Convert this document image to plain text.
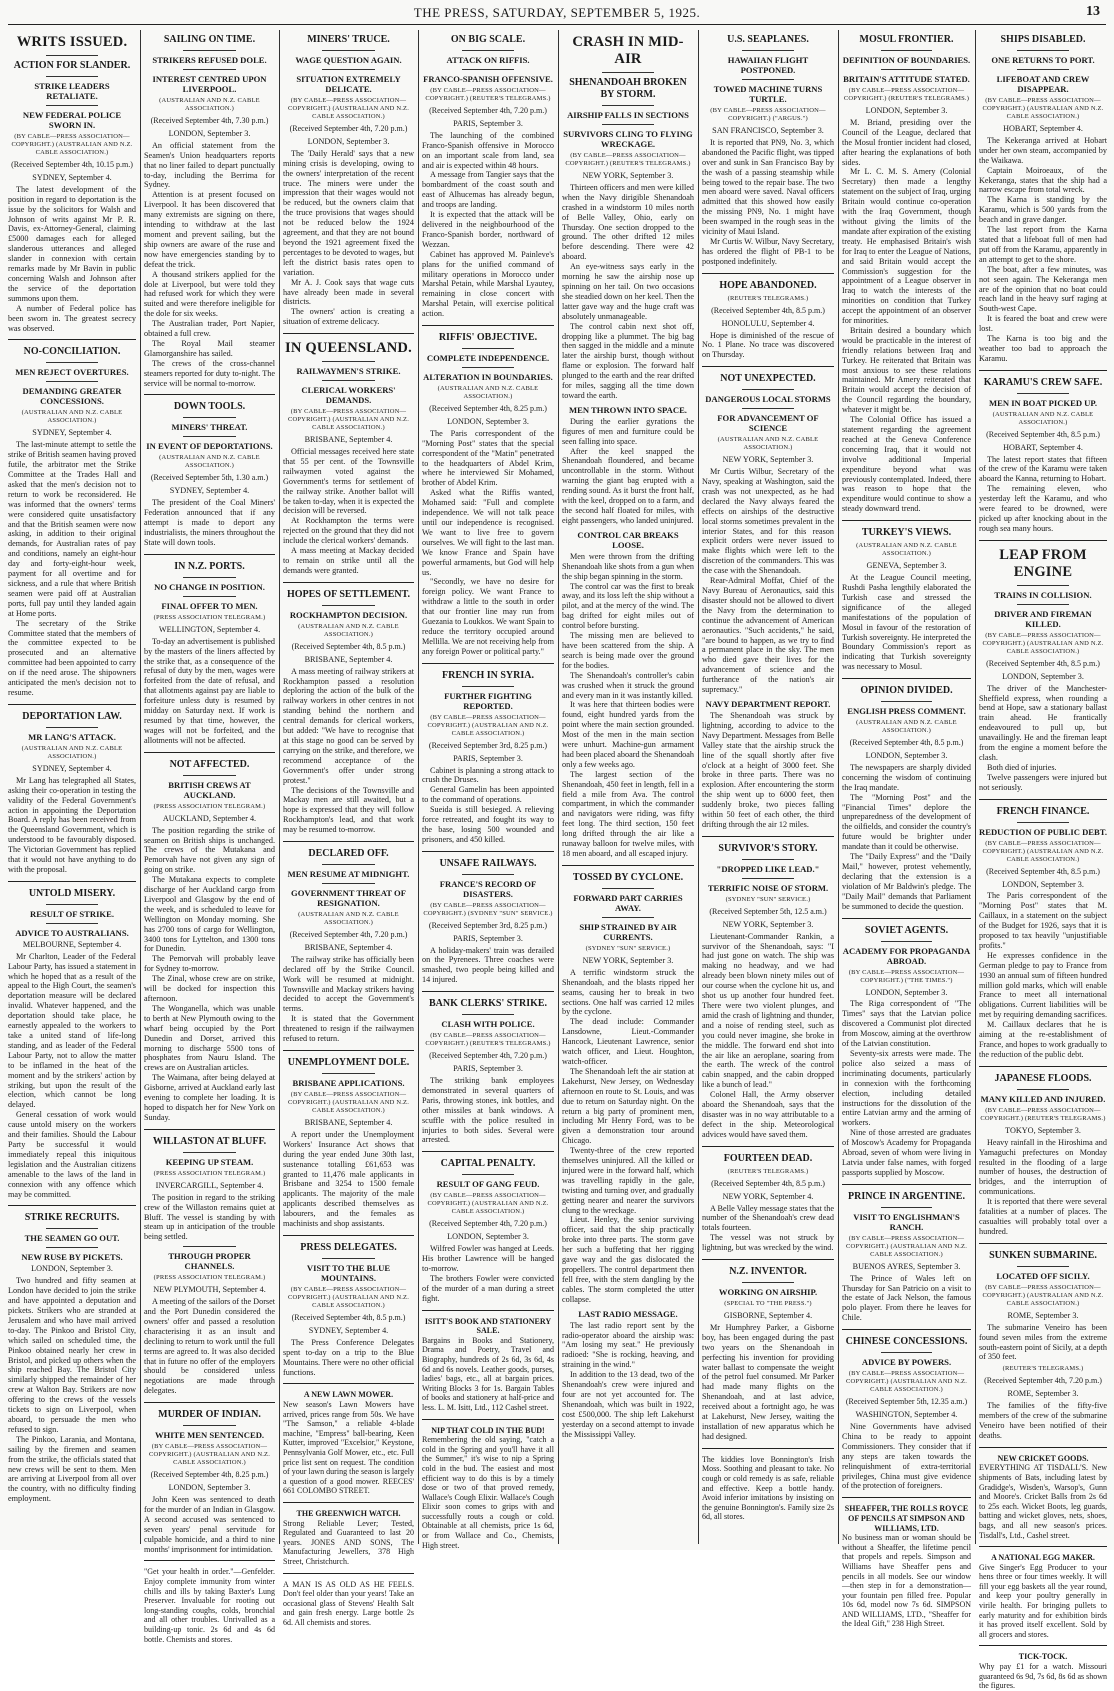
THE PRESS, SATURDAY, SEPTEMBER 5, 1925.	13
WRITS ISSUED.
ACTION FOR SLANDER.
STRIKE LEADERS RETALIATE.
NEW FEDERAL POLICE SWORN IN.
(BY CABLE—PRESS ASSOCIATION—COPYRIGHT.) (AUSTRALIAN AND N.Z. CABLE ASSOCIATION.)
(Received September 4th, 10.15 p.m.)
SYDNEY, September 4.
The latest development of the position in regard to deportation is the issue by the solicitors for Walsh and Johnson of writs against Mr P. R. Davis, ex-Attorney-General, claiming £5000 damages each for alleged slanderous utterances and alleged slander in connexion with certain remarks made by Mr Bavin in public concerning Walsh and Johnson after the service of the deportation summons upon them.
A number of Federal police has been sworn in. The greatest secrecy was observed.
NO-CONCILIATION.
MEN REJECT OVERTURES.
DEMANDING GREATER CONCESSIONS.
(AUSTRALIAN AND N.Z. CABLE ASSOCIATION.)
SYDNEY, September 4.
The last-minute attempt to settle the strike of British seamen having proved futile, the arbitrator met the Strike Committee at the Trades Hall and asked that the men's decision not to return to work be reconsidered. He was informed that the owners' terms were considered quite unsatisfactory and that the British seamen were now asking, in addition to their original demands, for Australian rates of pay and conditions, namely an eight-hour day and forty-eight-hour week, payment for all overtime and for sickness, and a rule that where British seamen were paid off at Australian ports, full pay until they landed again at Home ports.
The secretary of the Strike Committee stated that the members of the committee expected to be prosecuted and an alternative committee had been appointed to carry on if the need arose. The shipowners anticipated the men's decision not to resume.
DEPORTATION LAW.
MR LANG'S ATTACK.
(AUSTRALIAN AND N.Z. CABLE ASSOCIATION.)
SYDNEY, September 4.
Mr Lang has telegraphed all States, asking their co-operation in testing the validity of the Federal Government's action in appointing the Deportation Board. A reply has been received from the Queensland Government, which is understood to be favourably disposed. The Victorian Government has replied that it would not have anything to do with the proposal.
UNTOLD MISERY.
RESULT OF STRIKE.
ADVICE TO AUSTRALIANS.
MELBOURNE, September 4.
Mr Charlton, Leader of the Federal Labour Party, has issued a statement in which he hoped that as a result of the appeal to the High Court, the seamen's deportation measure will be declared invalid. Whatever happened, and the deportation should take place, he earnestly appealed to the workers to take a united stand of life-long standing, and as leader of the Federal Labour Party, not to allow the matter to be inflamed in the heat of the moment and by the strikers' action by striking, but upon the result of the election, which cannot be long delayed.
General cessation of work would cause untold misery on the workers and their families. Should the Labour Party be successful it would immediately repeal this iniquitous legislation and the Australian citizens amenable to the laws of the land in connexion with any offence which may be committed.
STRIKE RECRUITS.
THE SEAMEN GO OUT.
NEW RUSE BY PICKETS.
LONDON, September 3.
Two hundred and fifty seamen at London have decided to join the strike and have appointed a deputation and pickets. Strikers who are stranded at Jerusalem and who have mail arrived to-day. The Pinkoo and Bristol City, which sailed on scheduled time, the Pinkoo obtained nearly her crew in Bristol, and picked up others when the ship reached Bay. The Bristol City similarly shipped the remainder of her crew at Walton Bay. Strikers are now offering to the crews of the vessels tickets to sign on Liverpool, when aboard, to persuade the men who refused to sign.
The Pinkoo, Larania, and Montana, sailing by the firemen and seamen from the strike, the officials stated that new crews will be sent to them. Men are arriving at Liverpool from all over the country, with no difficulty finding employment.
SAILING ON TIME.
STRIKERS REFUSED DOLE.
INTEREST CENTRED UPON LIVERPOOL.
(AUSTRALIAN AND N.Z. CABLE ASSOCIATION.)
(Received September 4th, 7.30 p.m.)
LONDON, September 3.
An official statement from the Seamen's Union headquarters reports that no liner failed to depart punctually to-day, including the Berrima for Sydney.
Attention is at present focused on Liverpool. It has been discovered that many extremists are signing on there, intending to withdraw at the last moment and prevent sailing, but the ship owners are aware of the ruse and now have emergencies standing by to defeat the trick.
A thousand strikers applied for the dole at Liverpool, but were told they had refused work for which they were suited and were therefore ineligible for the dole for six weeks.
The Australian trader, Port Napier, obtained a full crew.
The Royal Mail steamer Glamorganshire has sailed.
The crews of the cross-channel steamers reported for duty to-night. The service will be normal to-morrow.
DOWN TOOLS.
MINERS' THREAT.
IN EVENT OF DEPORTATIONS.
(AUSTRALIAN AND N.Z. CABLE ASSOCIATION.)
(Received September 5th, 1.30 a.m.)
SYDNEY, September 4.
The president of the Coal Miners' Federation announced that if any attempt is made to deport any industrialists, the miners throughout the State will down tools.
IN N.Z. PORTS.
NO CHANGE IN POSITION.
FINAL OFFER TO MEN.
(PRESS ASSOCIATION TELEGRAM.)
WELLINGTON, September 4.
To-day an advertisement is published by the masters of the liners affected by the strike that, as a consequence of the refusal of duty by the men, wages were forfeited from the date of refusal, and that allotments against pay are liable to forfeiture unless duty is resumed by midday on Saturday next. If work is resumed by that time, however, the wages will not be forfeited, and the allotments will not be affected.
NOT AFFECTED.
BRITISH CREWS AT AUCKLAND.
(PRESS ASSOCIATION TELEGRAM.)
AUCKLAND, September 4.
The position regarding the strike of seamen on British ships is unchanged. The crews of the Mutakana and Pemorvah have not given any sign of going on strike.
The Mutakana expects to complete discharge of her Auckland cargo from Liverpool and Glasgow by the end of the week, and is scheduled to leave for Wellington on Monday morning. She has 2700 tons of cargo for Wellington, 3400 tons for Lyttelton, and 1300 tons for Dunedin.
The Pemorvah will probably leave for Sydney to-morrow.
The Zinal, whose crew are on strike, will be docked for inspection this afternoon.
The Wonganella, which was unable to berth at New Plymouth owing to the wharf being occupied by the Port Dunedin and Dorset, arrived this morning to discharge 5500 tons of phosphates from Nauru Island. The crews are on Australian articles.
The Waimana, after being delayed at Gisborne, arrived at Auckland early last evening to complete her loading. It is hoped to dispatch her for New York on Sunday.
WILLASTON AT BLUFF.
KEEPING UP STEAM.
(PRESS ASSOCIATION TELEGRAM.)
INVERCARGILL, September 4.
The position in regard to the striking crew of the Willaston remains quiet at Bluff. The vessel is standing by with steam up in anticipation of the trouble being settled.
THROUGH PROPER CHANNELS.
(PRESS ASSOCIATION TELEGRAM.)
NEW PLYMOUTH, September 4.
A meeting of the sailors of the Dorset and the Port Dunedin considered the owners' offer and passed a resolution characterising it as an insult and declining to return to work until the full terms are agreed to. It was also decided that in future no offer of the employers should be considered unless negotiations are made through delegates.
MURDER OF INDIAN.
WHITE MEN SENTENCED.
(BY CABLE—PRESS ASSOCIATION—COPYRIGHT.) (AUSTRALIAN AND N.Z. CABLE ASSOCIATION.)
(Received September 4th, 8.25 p.m.)
LONDON, September 3.
John Keen was sentenced to death for the murder of an Indian in Glasgow. A second accused was sentenced to seven years' penal servitude for culpable homicide, and a third to nine months' imprisonment for intimidation.
"Get your health in order."—Genfelder. Enjoy complete immunity from winter chills and ills by taking Baxter's Lung Preserver. Invaluable for rooting out long-standing coughs, colds, bronchial and all other troubles. Unrivalled as a building-up tonic. 2s 6d and 4s 6d bottle. Chemists and stores.
MINERS' TRUCE.
WAGE QUESTION AGAIN.
SITUATION EXTREMELY DELICATE.
(BY CABLE—PRESS ASSOCIATION—COPYRIGHT.) (AUSTRALIAN AND N.Z. CABLE ASSOCIATION.)
(Received September 4th, 7.20 p.m.)
LONDON, September 3.
The 'Daily Herald' says that a new mining crisis is developing, owing to the owners' interpretation of the recent truce. The miners were under the impression that their wages would not be reduced, but the owners claim that the truce provisions that wages should not be reduced below the 1924 agreement, and that they are not bound beyond the 1921 agreement fixed the percentages to be devoted to wages, but left the district basis rates open to variation.
Mr A. J. Cook says that wage cuts have already been made in several districts.
The owners' action is creating a situation of extreme delicacy.
IN QUEENSLAND.
RAILWAYMEN'S STRIKE.
CLERICAL WORKERS' DEMANDS.
(BY CABLE—PRESS ASSOCIATION—COPYRIGHT.) (AUSTRALIAN AND N.Z. CABLE ASSOCIATION.)
BRISBANE, September 4.
Official messages received here state that 55 per cent. of the Townsville railwaymen voted against the Government's terms for settlement of the railway strike. Another ballot will be taken to-day, when it is expected the decision will be reversed.
At Rockhampton the terms were rejected on the ground that they did not include the clerical workers' demands.
A mass meeting at Mackay decided to remain on strike until all the demands were granted.
HOPES OF SETTLEMENT.
ROCKHAMPTON DECISION.
(AUSTRALIAN AND N.Z. CABLE ASSOCIATION.)
(Received September 4th, 8.5 p.m.)
BRISBANE, September 4.
A mass meeting of railway strikers at Rockhampton passed a resolution deploring the action of the bulk of the railway workers in other centres in not standing behind the northern and central demands for clerical workers, but added: "We have to recognise that at this stage no good can be served by carrying on the strike, and therefore, we recommend acceptance of the Government's offer under strong protest."
The decisions of the Townsville and Mackay men are still awaited, but a hope is expressed that they will follow Rockhampton's lead, and that work may be resumed to-morrow.
DECLARED OFF.
MEN RESUME AT MIDNIGHT.
GOVERNMENT THREAT OF RESIGNATION.
(AUSTRALIAN AND N.Z. CABLE ASSOCIATION.)
(Received September 4th, 7.20 p.m.)
BRISBANE, September 4.
The railway strike has officially been declared off by the Strike Council. Work will be resumed at midnight. Townsville and Mackay strikers having decided to accept the Government's terms.
It is stated that the Government threatened to resign if the railwaymen refused to return.
UNEMPLOYMENT DOLE.
BRISBANE APPLICATIONS.
(BY CABLE—PRESS ASSOCIATION—COPYRIGHT.) (AUSTRALIAN AND N.Z. CABLE ASSOCIATION.)
BRISBANE, September 4.
A report under the Unemployment Workers' Insurance Act shows that during the year ended June 30th last, sustenance totalling £61,653 was granted to 11,476 male applicants in Brisbane and 3254 to 1500 female applicants. The majority of the male applicants described themselves as labourers, and the females as machinists and shop assistants.
PRESS DELEGATES.
VISIT TO THE BLUE MOUNTAINS.
(BY CABLE—PRESS ASSOCIATION—COPYRIGHT.) (AUSTRALIAN AND N.Z. CABLE ASSOCIATION.)
(Received September 4th, 8.5 p.m.)
SYDNEY, September 4.
The Press Conference Delegates spent to-day on a trip to the Blue Mountains. There were no other official functions.
A NEW LAWN MOWER.
New season's Lawn Mowers have arrived, prices range from 50s. We have "The Samson," a reliable 4-blade machine, "Empress" ball-bearing, Keen Kutter, improved "Excelsior," Keystone, Pennsylvania Golf Mower, etc., etc. Full price list sent on request. The condition of your lawn during the season is largely a question of a good mower. REECES' 661 COLOMBO STREET.
THE GREENWICH WATCH.
Strong Reliable Lever; Tested, Regulated and Guaranteed to last 20 years. JONES AND SONS, The Manufacturing Jewellers, 378 High Street, Christchurch.
A MAN IS AS OLD AS HE FEELS. Don't feel older than your years! Take an occasional glass of Stevens' Health Salt and gain fresh energy. Large bottle 2s 6d. All chemists and stores.
ON BIG SCALE.
ATTACK ON RIFFIS.
FRANCO-SPANISH OFFENSIVE.
(BY CABLE—PRESS ASSOCIATION—COPYRIGHT.) (REUTER'S TELEGRAMS.)
(Received September 4th, 7.20 p.m.)
PARIS, September 3.
The launching of the combined Franco-Spanish offensive in Morocco on an important scale from land, sea and air is expected within 48 hours.
A message from Tangier says that the bombardment of the coast south and east of Alhucemas has already begun, and troops are landing.
It is expected that the attack will be delivered in the neighbourhood of the Franco-Spanish border, northward of Wezzan.
Cabinet has approved M. Painleve's plans for the unified command of military operations in Morocco under Marshal Petain, while Marshal Lyautey, remaining in close concert with Marshal Petain, will exercise political action.
RIFFIS' OBJECTIVE.
COMPLETE INDEPENDENCE.
ALTERATION IN BOUNDARIES.
(AUSTRALIAN AND N.Z. CABLE ASSOCIATION.)
(Received September 4th, 8.25 p.m.)
LONDON, September 3.
The Paris correspondent of the "Morning Post" states that the special correspondent of the "Matin" penetrated to the headquarters of Abdel Krim, where he interviewed Sir Mohamed, brother of Abdel Krim.
Asked what the Riffis wanted, Mohamed said: "Full and complete independence. We will not talk peace until our independence is recognised. We want to live free to govern ourselves. We will fight to the last man. We know France and Spain have powerful armaments, but God will help us.
"Secondly, we have no desire for foreign policy. We want France to withdraw a little to the south in order that our frontier line may run from Guezania to Loukkos. We want Spain to reduce the territory occupied around Mellilla. We are not receiving help from any foreign Power or political party."
FRENCH IN SYRIA.
FURTHER FIGHTING REPORTED.
(BY CABLE—PRESS ASSOCIATION—COPYRIGHT.) (AUSTRALIAN AND N.Z. CABLE ASSOCIATION.)
(Received September 3rd, 8.25 p.m.)
PARIS, September 3.
Cabinet is planning a strong attack to crush the Druses.
General Gamelin has been appointed to the command of operations.
Sueida is still besieged. A relieving force retreated, and fought its way to the base, losing 500 wounded and prisoners, and 450 killed.
UNSAFE RAILWAYS.
FRANCE'S RECORD OF DISASTERS.
(BY CABLE—PRESS ASSOCIATION—COPYRIGHT.) (SYDNEY "SUN" SERVICE.)
(Received September 3rd, 8.25 p.m.)
PARIS, September 3.
A holiday-makers' train was derailed on the Pyrenees. Three coaches were smashed, two people being killed and 14 injured.
BANK CLERKS' STRIKE.
CLASH WITH POLICE.
(BY CABLE—PRESS ASSOCIATION—COPYRIGHT.) (REUTER'S TELEGRAMS.)
(Received September 4th, 7.20 p.m.)
PARIS, September 3.
The striking bank employees demonstrated in several quarters of Paris, throwing stones, ink bottles, and other missiles at bank windows. A scuffle with the police resulted in injuries to both sides. Several were arrested.
CAPITAL PENALTY.
RESULT OF GANG FEUD.
(BY CABLE—PRESS ASSOCIATION—COPYRIGHT.) (AUSTRALIAN AND N.Z. CABLE ASSOCIATION.)
(Received September 4th, 7.20 p.m.)
LONDON, September 3.
Wilfred Fowler was hanged at Leeds. His brother Lawrence will be hanged to-morrow.
The brothers Fowler were convicted of the murder of a man during a street fight.
ISITT'S BOOK AND STATIONERY SALE.
Bargains in Books and Stationery, Drama and Poetry, Travel and Biography, hundreds of 2s 6d, 3s 6d, 4s 6d and 6s novels. Leather goods, purses, ladies' bags, etc., all at bargain prices. Writing Blocks 3 for 1s. Bargain Tables of books and stationery at half-price and less. L. M. Isitt, Ltd., 112 Cashel street.
NIP THAT COLD IN THE BUD!
Remembering the old saying, "catch a cold in the Spring and you'll have it all the Summer," it's wise to nip a Spring cold in the bud. The easiest and most efficient way to do this is by a timely dose or two of that proved remedy, Wallace's Cough Elixir. Wallace's Cough Elixir soon comes to grips with and successfully routs a cough or cold. Obtainable at all chemists, price 1s 6d, or from Wallace and Co., Chemists, High street.
CRASH IN MID-AIR
SHENANDOAH BROKEN BY STORM.
AIRSHIP FALLS IN SECTIONS
SURVIVORS CLING TO FLYING WRECKAGE.
(BY CABLE—PRESS ASSOCIATION—COPYRIGHT.) (REUTER'S TELEGRAMS.)
NEW YORK, September 3.
Thirteen officers and men were killed when the Navy dirigible Shenandoah crashed in a windstorm 10 miles north of Belle Valley, Ohio, early on Thursday. One section dropped to the ground. The other drifted 12 miles before descending. There were 42 aboard.
An eye-witness says early in the morning he saw the airship nose up spinning on her tail. On two occasions she steadied down on her keel. Then the latter gave way and the huge craft was absolutely unmanageable.
The control cabin next shot off, dropping like a plummet. The big bag then sagged in the middle and a minute later the airship burst, though without flame or explosion. The forward half plunged to the earth and the rear drifted for miles, sagging all the time down toward the earth.
MEN THROWN INTO SPACE.
During the earlier gyrations the figures of men and furniture could be seen falling into space.
After the keel snapped the Shenandoah floundered, and became uncontrollable in the storm. Without warning the giant bag erupted with a rending sound. As it burst the front half, with the keel, dropped on to a farm, and the second half floated for miles, with eight passengers, who landed uninjured.
CONTROL CAR BREAKS LOOSE.
Men were thrown from the drifting Shenandoah like shots from a gun when the ship began spinning in the storm.
The control car was the first to break away, and its loss left the ship without a pilot, and at the mercy of the wind. The bag drifted for eight miles out of control before bursting.
The missing men are believed to have been scattered from the ship. A search is being made over the ground for the bodies.
The Shenandoah's controller's cabin was crushed when it struck the ground and every man in it was instantly killed.
It was here that thirteen bodies were found, eight hundred yards from the point where the main section grounded. Most of the men in the main section were unhurt. Machine-gun armament had been placed aboard the Shenandoah only a few weeks ago.
The largest section of the Shenandoah, 450 feet in length, fell in a field a mile from Ava. The control compartment, in which the commander and navigators were riding, was fifty feet long. The third section, 150 feet long drifted through the air like a runaway balloon for twelve miles, with 18 men aboard, and all escaped injury.
TOSSED BY CYCLONE.
FORWARD PART CARRIES AWAY.
SHIP STRAINED BY AIR CURRENTS.
(SYDNEY "SUN" SERVICE.)
NEW YORK, September 3.
A terrific windstorm struck the Shenandoah, and the blasts ripped her seams, causing her to break in two sections. One half was carried 12 miles by the cyclone.
The dead include: Commander Lansdowne, Lieut.-Commander Hancock, Lieutenant Lawrence, senior watch officer, and Lieut. Houghton, watch-officer.
The Shenandoah left the air station at Lakehurst, New Jersey, on Wednesday afternoon en route to St. Louis, and was due to return on Saturday night. On the return a big party of prominent men, including Mr Henry Ford, was to be given a demonstration tour around Chicago.
Twenty-three of the crew reported themselves uninjured. All the killed or injured were in the forward half, which was travelling rapidly in the gale, twisting and turning over, and gradually getting nearer and nearer the survivors clung to the wreckage.
Lieut. Henley, the senior surviving officer, said that the ship practically broke into three parts. The storm gave her such a buffeting that her rigging gave way and the gas dislocated the propellers. The control department then fell free, with the stern dangling by the cables. The storm completed the utter collapse.
LAST RADIO MESSAGE.
The last radio report sent by the radio-operator aboard the airship was: "Am losing my seat." He previously radioed: "She is rocking, heaving, and straining in the wind."
In addition to the 13 dead, two of the Shenandoah's crew were injured and four are not yet accounted for. The Shenandoah, which was built in 1922, cost £500,000. The ship left Lakehurst yesterday on a second attempt to invade the Mississippi Valley.
U.S. SEAPLANES.
HAWAIIAN FLIGHT POSTPONED.
TOWED MACHINE TURNS TURTLE.
(BY CABLE—PRESS ASSOCIATION—COPYRIGHT.) ("ARGUS.")
SAN FRANCISCO, September 3.
It is reported that PN9, No. 3, which abandoned the Pacific flight, was tipped over and sunk in San Francisco Bay by the wash of a passing steamship while being towed to the repair base. The two men aboard were saved. Naval officers admitted that this showed how easily the missing PN9, No. 1 might have been swamped in the rough seas in the vicinity of Maui Island.
Mr Curtis W. Wilbur, Navy Secretary, has ordered the flight of PB-1 to be postponed indefinitely.
HOPE ABANDONED.
(REUTER'S TELEGRAMS.)
(Received September 4th, 8.5 p.m.)
HONOLULU, September 4.
Hope is diminished of the rescue of No. 1 Plane. No trace was discovered on Thursday.
NOT UNEXPECTED.
DANGEROUS LOCAL STORMS
FOR ADVANCEMENT OF SCIENCE
(AUSTRALIAN AND N.Z. CABLE ASSOCIATION.)
NEW YORK, September 3.
Mr Curtis Wilbur, Secretary of the Navy, speaking at Washington, said the crash was not unexpected, as he had declared the Navy always feared the effects on airships of the destructive local storms sometimes prevalent in the interior States, and for this reason explicit orders were never issued to make flights which were left to the discretion of the commanders. This was the case with the Shenandoah.
Rear-Admiral Moffat, Chief of the Navy Bureau of Aeronautics, said this disaster should not be allowed to divert the Navy from the determination to continue the advancement of American aeronautics. "Such accidents," he said, "are bound to happen, as we try to find a permanent place in the sky. The men who died gave their lives for the advancement of science and the furtherance of the nation's air supremacy."
NAVY DEPARTMENT REPORT.
The Shenandoah was struck by lightning, according to advice to the Navy Department. Messages from Belle Valley state that the airship struck the line of the squall shortly after five o'clock at a height of 3000 feet. She broke in three parts. There was no explosion. After encountering the storm the ship went up to 6000 feet, then suddenly broke, two pieces falling within 50 feet of each other, the third drifting through the air 12 miles.
SURVIVOR'S STORY.
"DROPPED LIKE LEAD."
TERRIFIC NOISE OF STORM.
(SYDNEY "SUN" SERVICE.)
(Received September 5th, 12.5 a.m.)
NEW YORK, September 3.
Lieutenant-Commander Rankin, a survivor of the Shenandoah, says: "I had just gone on watch. The ship was making no headway, and we had already been blown ninety miles out of our course when the cyclone hit us, and shot us up another four hundred feet. There were two violent plunges, and amid the crash of lightning and thunder, and a noise of rending steel, such as you could never imagine, she broke in the middle. The forward end shot into the air like an aeroplane, soaring from the earth. The wreck of the control cabin snapped, and the cabin dropped like a bunch of lead."
Colonel Hall, the Army observer aboard the Shenandoah, says that the disaster was in no way attributable to a defect in the ship. Meteorological advices would have saved them.
FOURTEEN DEAD.
(REUTER'S TELEGRAMS.)
(Received September 4th, 8.5 p.m.)
NEW YORK, September 4.
A Belle Valley message states that the number of the Shenandoah's crew dead totals fourteen.
The vessel was not struck by lightning, but was wrecked by the wind.
N.Z. INVENTOR.
WORKING ON AIRSHIP.
(SPECIAL TO "THE PRESS.")
GISBORNE, September 4.
Mr Humphrey Parker, a Gisborne boy, has been engaged during the past two years on the Shenandoah in perfecting his invention for providing water ballast to compensate the weight of the petrol fuel consumed. Mr Parker had made many flights on the Shenandoah, and at last advice, received about a fortnight ago, he was at Lakehurst, New Jersey, waiting the installation of new apparatus which he had designed.
The kiddies love Bonnington's Irish Moss. Soothing and pleasant to take. No cough or cold remedy is as safe, reliable and effective. Keep a bottle handy. Avoid inferior imitations by insisting on the genuine Bonnington's. Family size 2s 6d, all stores.
MOSUL FRONTIER.
DEFINITION OF BOUNDARIES.
BRITAIN'S ATTITUDE STATED.
(BY CABLE—PRESS ASSOCIATION—COPYRIGHT.) (REUTER'S TELEGRAMS.)
LONDON, September 3.
M. Briand, presiding over the Council of the League, declared that the Mosul frontier incident had closed, after hearing the explanations of both sides.
Mr L. C. M. S. Amery (Colonial Secretary) then made a lengthy statement on the subject of Iraq, urging Britain would continue co-operation with the Iraq Government, though without giving the limits of the mandate after expiration of the existing treaty. He emphasised Britain's wish for Iraq to enter the League of Nations, and said Britain would accept the Commission's suggestion for the appointment of a League observer in Iraq to watch the interests of the minorities on condition that Turkey accept the appointment of an observer for minorities.
Britain desired a boundary which would be practicable in the interest of friendly relations between Iraq and Turkey. He reiterated that Britain was most anxious to see these relations maintained. Mr Amery reiterated that Britain would accept the decision of the Council regarding the boundary, whatever it might be.
The Colonial Office has issued a statement regarding the agreement reached at the Geneva Conference concerning Iraq, that it would not involve additional Imperial expenditure beyond what was previously contemplated. Indeed, there was reason to hope that the expenditure would continue to show a steady downward trend.
TURKEY'S VIEWS.
(AUSTRALIAN AND N.Z. CABLE ASSOCIATION.)
GENEVA, September 3.
At the League Council meeting, Rushdi Pasha lengthily elaborated the Turkish case and stressed the significance of the alleged manifestations of the population of Mosul in favour of the restoration of Turkish sovereignty. He interpreted the Boundary Commission's report as indicating that Turkish sovereignty was necessary to Mosul.
OPINION DIVIDED.
ENGLISH PRESS COMMENT.
(AUSTRALIAN AND N.Z. CABLE ASSOCIATION.)
(Received September 4th, 8.5 p.m.)
LONDON, September 3.
The newspapers are sharply divided concerning the wisdom of continuing the Iraq mandate.
The "Morning Post" and the "Financial Times" deplore the unpreparedness of the development of the oilfields, and consider the country's future would be brighter under mandate than it could be otherwise.
The "Daily Express" and the "Daily Mail," however, protest vehemently, declaring that the extension is a violation of Mr Baldwin's pledge. The "Daily Mail" demands that Parliament be summoned to decide the question.
SOVIET AGENTS.
ACADEMY FOR PROPAGANDA ABROAD.
(BY CABLE—PRESS ASSOCIATION—COPYRIGHT.) ("THE TIMES.")
LONDON, September 3.
The Riga correspondent of "The Times" says that the Latvian police discovered a Communist plot directed from Moscow, aiming at the overthrow of the Latvian constitution.
Seventy-six arrests were made. The police also seized a mass of incriminating documents, particularly in connexion with the forthcoming election, including detailed instructions for the dissolution of the entire Latvian army and the arming of workers.
Nine of those arrested are graduates of Moscow's Academy for Propaganda Abroad, seven of whom were living in Latvia under false names, with forged passports supplied by Moscow.
PRINCE IN ARGENTINE.
VISIT TO ENGLISHMAN'S RANCH.
(BY CABLE—PRESS ASSOCIATION—COPYRIGHT.) (AUSTRALIAN AND N.Z. CABLE ASSOCIATION.)
BUENOS AYRES, September 3.
The Prince of Wales left on Thursday for San Patricio on a visit to the estate of Jack Nelson, the famous polo player. From there he leaves for Chile.
CHINESE CONCESSIONS.
ADVICE BY POWERS.
(BY CABLE—PRESS ASSOCIATION—COPYRIGHT.) (AUSTRALIAN AND N.Z. CABLE ASSOCIATION.)
(Received September 5th, 12.35 a.m.)
WASHINGTON, September 4.
Nine Governments have advised China to be ready to appoint Commissioners. They consider that if any steps are taken towards the relinquishment of extra-territorial privileges, China must give evidence of the protection of foreigners.
SHEAFFER, THE ROLLS ROYCE OF PENCILS AT SIMPSON AND WILLIAMS, LTD.
No business man or woman should be without a Sheaffer, the lifetime pencil that propels and repels. Simpson and Williams have Sheaffer pens and pencils in all models. See our window—then step in for a demonstration—your fountain pen filled free. Popular 10s 6d, model now 7s 6d. SIMPSON AND WILLIAMS, LTD., "Sheaffer for the Ideal Gift," 238 High Street.
SHIPS DISABLED.
ONE RETURNS TO PORT.
LIFEBOAT AND CREW DISAPPEAR.
(BY CABLE—PRESS ASSOCIATION—COPYRIGHT.) (AUSTRALIAN AND N.Z. CABLE ASSOCIATION.)
HOBART, September 4.
The Kekeranga arrived at Hobart under her own steam, accompanied by the Waikawa.
Captain Moiroeaux, of the Kekeranga, states that the ship had a narrow escape from total wreck.
The Karna is standing by the Karamu, which is 500 yards from the beach and in grave danger.
The last report from the Karna stated that a lifeboat full of men had put off from the Karamu, apparently in an attempt to get to the shore.
The boat, after a few minutes, was not seen again. The Kekeranga men are of the opinion that no boat could reach land in the heavy surf raging at South-west Cape.
It is feared the boat and crew were lost.
The Karna is too big and the weather too bad to approach the Karamu.
KARAMU'S CREW SAFE.
MEN IN BOAT PICKED UP.
(AUSTRALIAN AND N.Z. CABLE ASSOCIATION.)
(Received September 4th, 8.5 p.m.)
HOBART, September 4.
The latest report states that fifteen of the crew of the Karamu were taken aboard the Kanna, returning to Hobart.
The remaining eleven, who yesterday left the Karamu, and who were feared to be drowned, were picked up after knocking about in the rough sea many hours.
LEAP FROM ENGINE
TRAINS IN COLLISION.
DRIVER AND FIREMAN KILLED.
(BY CABLE—PRESS ASSOCIATION—COPYRIGHT.) (AUSTRALIAN AND N.Z. CABLE ASSOCIATION.)
(Received September 4th, 8.5 p.m.)
LONDON, September 3.
The driver of the Manchester-Sheffield express, when rounding a bend at Hope, saw a stationary ballast train ahead. He frantically endeavoured to pull up, but unavailingly. He and the fireman leapt from the engine a moment before the clash.
Both died of injuries.
Twelve passengers were injured but not seriously.
FRENCH FINANCE.
REDUCTION OF PUBLIC DEBT.
(BY CABLE—PRESS ASSOCIATION—COPYRIGHT.) (AUSTRALIAN AND N.Z. CABLE ASSOCIATION.)
(Received September 4th, 8.5 p.m.)
LONDON, September 3.
The Paris correspondent of the "Morning Post" states that M. Caillaux, in a statement on the subject of the Budget for 1926, says that it is proposed to tax heavily "unjustifiable profits."
He expresses confidence in the German pledge to pay to France from 1930 an annual sum of fifteen hundred million gold marks, which will enable France to meet all international obligations. Current liabilities will be met by requiring demanding sacrifices.
M. Caillaux declares that he is aiming at the re-establishment of France, and hopes to work gradually to the reduction of the public debt.
JAPANESE FLOODS.
MANY KILLED AND INJURED.
(BY CABLE—PRESS ASSOCIATION—COPYRIGHT.) (REUTER'S TELEGRAMS.)
TOKYO, September 3.
Heavy rainfall in the Hiroshima and Yamaguchi prefectures on Monday resulted in the flooding of a large number of houses, the destruction of bridges, and the interruption of communications.
It is reported that there were several fatalities at a number of places. The casualties will probably total over a hundred.
SUNKEN SUBMARINE.
LOCATED OFF SICILY.
(BY CABLE—PRESS ASSOCIATION—COPYRIGHT.) (AUSTRALIAN AND N.Z. CABLE ASSOCIATION.)
ROME, September 3.
The submarine Veneiro has been found seven miles from the extreme south-eastern point of Sicily, at a depth of 350 feet.
(REUTER'S TELEGRAMS.)
(Received September 4th, 7.20 p.m.)
ROME, September 3.
The families of the fifty-five members of the crew of the submarine Veneiro have been notified of their deaths.
NEW CRICKET GOODS.
EVERYTHING AT TISDALL'S. New shipments of Bats, including latest by Gradidge's, Wisden's, Warsop's, Gunn and Moore's. Cricket Balls from 2s 6d to 25s each. Wicket Boots, leg guards, batting and wicket gloves, nets, shoes, bags, and all new season's prices. Tisdall's, Ltd., Cashel street.
A NATIONAL EGG MAKER.
Give Singer's Egg Producer to your hens three or four times weekly. It will fill your egg baskets all the year round, and keep your poultry generally in virile health. For bringing pullets to early maturity and for exhibition birds it has proved itself excellent. Sold by all grocers and stores.
TICK-TOCK.
Why pay £1 for a watch. Missouri guaranteed 6s 9d, 7s 6d, 8s 6d as shown the figures.
